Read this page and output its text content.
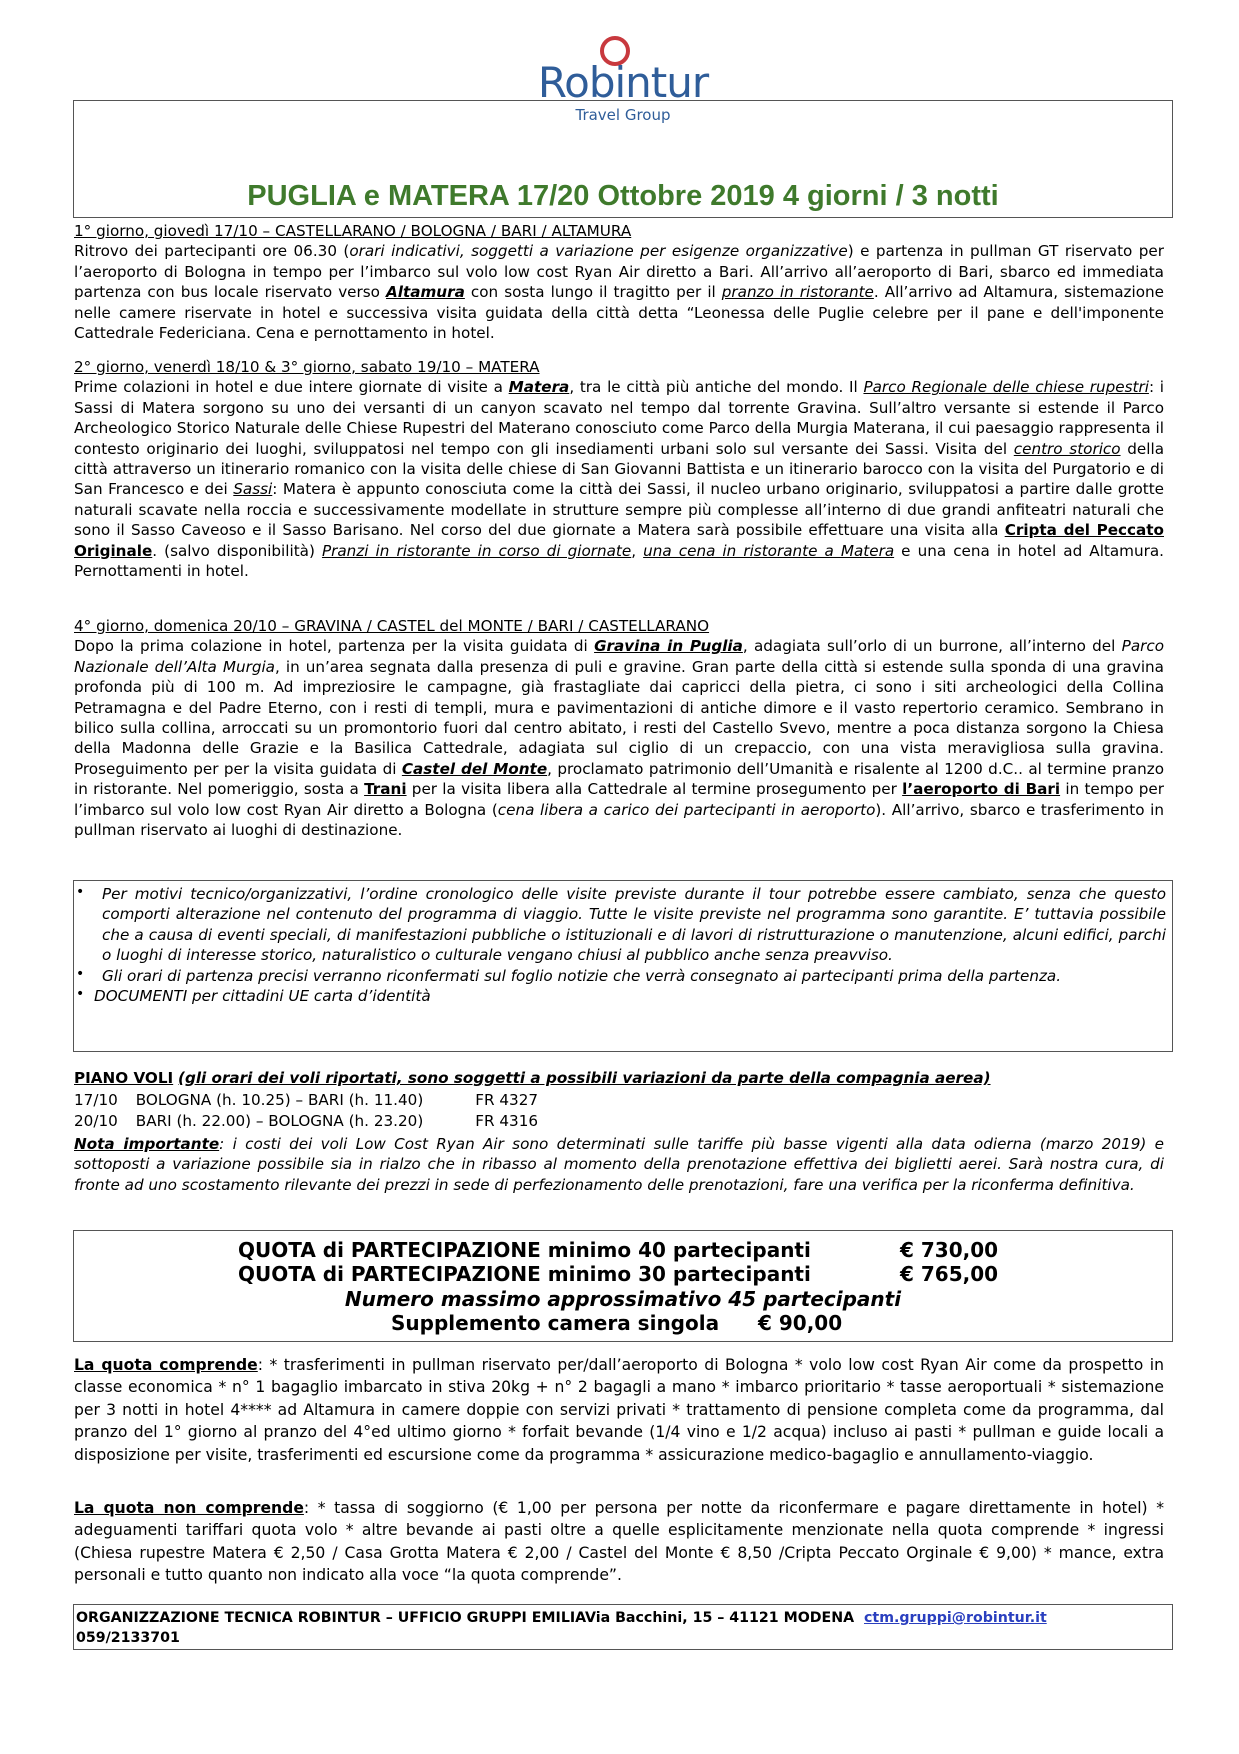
Robintur
Travel Group
PUGLIA e MATERA 17/20 Ottobre 2019 4 giorni / 3 notti
1° giorno, giovedì 17/10 – CASTELLARANO / BOLOGNA / BARI / ALTAMURA
Ritrovo dei partecipanti ore 06.30 (orari indicativi, soggetti a variazione per esigenze organizzative) e partenza in pullman GT riservato per l’aeroporto di Bologna in tempo per l’imbarco sul volo low cost Ryan Air diretto a Bari. All’arrivo all’aeroporto di Bari, sbarco ed immediata partenza con bus locale riservato verso Altamura con sosta lungo il tragitto per il pranzo in ristorante. All’arrivo ad Altamura, sistemazione nelle camere riservate in hotel e successiva visita guidata della città detta “Leonessa delle Puglie celebre per il pane e dell'imponente Cattedrale Federiciana. Cena e pernottamento in hotel.
2° giorno, venerdì 18/10 & 3° giorno, sabato 19/10 – MATERA
Prime colazioni in hotel e due intere giornate di visite a Matera, tra le città più antiche del mondo. Il Parco Regionale delle chiese rupestri: i Sassi di Matera sorgono su uno dei versanti di un canyon scavato nel tempo dal torrente Gravina. Sull’altro versante si estende il Parco Archeologico Storico Naturale delle Chiese Rupestri del Materano conosciuto come Parco della Murgia Materana, il cui paesaggio rappresenta il contesto originario dei luoghi, sviluppatosi nel tempo con gli insediamenti urbani solo sul versante dei Sassi. Visita del centro storico della città attraverso un itinerario romanico con la visita delle chiese di San Giovanni Battista e un itinerario barocco con la visita del Purgatorio e di San Francesco e dei Sassi: Matera è appunto conosciuta come la città dei Sassi, il nucleo urbano originario, sviluppatosi a partire dalle grotte naturali scavate nella roccia e successivamente modellate in strutture sempre più complesse all’interno di due grandi anfiteatri naturali che sono il Sasso Caveoso e il Sasso Barisano. Nel corso del due giornate a Matera sarà possibile effettuare una visita alla Cripta del Peccato Originale. (salvo disponibilità) Pranzi in ristorante in corso di giornate, una cena in ristorante a Matera e una cena in hotel ad Altamura. Pernottamenti in hotel.
4° giorno, domenica 20/10 – GRAVINA / CASTEL del MONTE / BARI / CASTELLARANO
Dopo la prima colazione in hotel, partenza per la visita guidata di Gravina in Puglia, adagiata sull’orlo di un burrone, all’interno del Parco Nazionale dell’Alta Murgia, in un’area segnata dalla presenza di puli e gravine. Gran parte della città si estende sulla sponda di una gravina profonda più di 100 m. Ad impreziosire le campagne, già frastagliate dai capricci della pietra, ci sono i siti archeologici della Collina Petramagna e del Padre Eterno, con i resti di templi, mura e pavimentazioni di antiche dimore e il vasto repertorio ceramico. Sembrano in bilico sulla collina, arroccati su un promontorio fuori dal centro abitato, i resti del Castello Svevo, mentre a poca distanza sorgono la Chiesa della Madonna delle Grazie e la Basilica Cattedrale, adagiata sul ciglio di un crepaccio, con una vista meravigliosa sulla gravina. Proseguimento per per la visita guidata di Castel del Monte, proclamato patrimonio dell’Umanità e risalente al 1200 d.C.. al termine pranzo in ristorante. Nel pomeriggio, sosta a Trani per la visita libera alla Cattedrale al termine prosegumento per l’aeroporto di Bari in tempo per l’imbarco sul volo low cost Ryan Air diretto a Bologna (cena libera a carico dei partecipanti in aeroporto). All’arrivo, sbarco e trasferimento in pullman riservato ai luoghi di destinazione.
• Per motivi tecnico/organizzativi, l’ordine cronologico delle visite previste durante il tour potrebbe essere cambiato, senza che questo comporti alterazione nel contenuto del programma di viaggio. Tutte le visite previste nel programma sono garantite. E’ tuttavia possibile che a causa di eventi speciali, di manifestazioni pubbliche o istituzionali e di lavori di ristrutturazione o manutenzione, alcuni edifici, parchi o luoghi di interesse storico, naturalistico o culturale vengano chiusi al pubblico anche senza preavviso.
• Gli orari di partenza precisi verranno riconfermati sul foglio notizie che verrà consegnato ai partecipanti prima della partenza.
• DOCUMENTI per cittadini UE carta d’identità
PIANO VOLI (gli orari dei voli riportati, sono soggetti a possibili variazioni da parte della compagnia aerea)
17/10 BOLOGNA (h. 10.25) – BARI (h. 11.40)	FR 4327
20/10 BARI (h. 22.00) – BOLOGNA (h. 23.20)	FR 4316
Nota importante: i costi dei voli Low Cost Ryan Air sono determinati sulle tariffe più basse vigenti alla data odierna (marzo 2019) e sottoposti a variazione possibile sia in rialzo che in ribasso al momento della prenotazione effettiva dei biglietti aerei. Sarà nostra cura, di fronte ad uno scostamento rilevante dei prezzi in sede di perfezionamento delle prenotazioni, fare una verifica per la riconferma definitiva.
QUOTA di PARTECIPAZIONE minimo 40 partecipanti	€ 730,00
QUOTA di PARTECIPAZIONE minimo 30 partecipanti	€ 765,00
Numero massimo approssimativo 45 partecipanti
Supplemento camera singola € 90,00
La quota comprende: * trasferimenti in pullman riservato per/dall’aeroporto di Bologna * volo low cost Ryan Air come da prospetto in classe economica * n° 1 bagaglio imbarcato in stiva 20kg + n° 2 bagagli a mano * imbarco prioritario * tasse aeroportuali * sistemazione per 3 notti in hotel 4**** ad Altamura in camere doppie con servizi privati * trattamento di pensione completa come da programma, dal pranzo del 1° giorno al pranzo del 4°ed ultimo giorno * forfait bevande (1/4 vino e 1/2 acqua) incluso ai pasti * pullman e guide locali a disposizione per visite, trasferimenti ed escursione come da programma * assicurazione medico-bagaglio e annullamento-viaggio.
La quota non comprende: * tassa di soggiorno (€ 1,00 per persona per notte da riconfermare e pagare direttamente in hotel) * adeguamenti tariffari quota volo * altre bevande ai pasti oltre a quelle esplicitamente menzionate nella quota comprende * ingressi (Chiesa rupestre Matera € 2,50 / Casa Grotta Matera € 2,00 / Castel del Monte € 8,50 /Cripta Peccato Orginale € 9,00) * mance, extra personali e tutto quanto non indicato alla voce “la quota comprende”.
ORGANIZZAZIONE TECNICA ROBINTUR – UFFICIO GRUPPI EMILIA
Via Bacchini, 15 – 41121 MODENA ctm.gruppi@robintur.it
059/2133701
